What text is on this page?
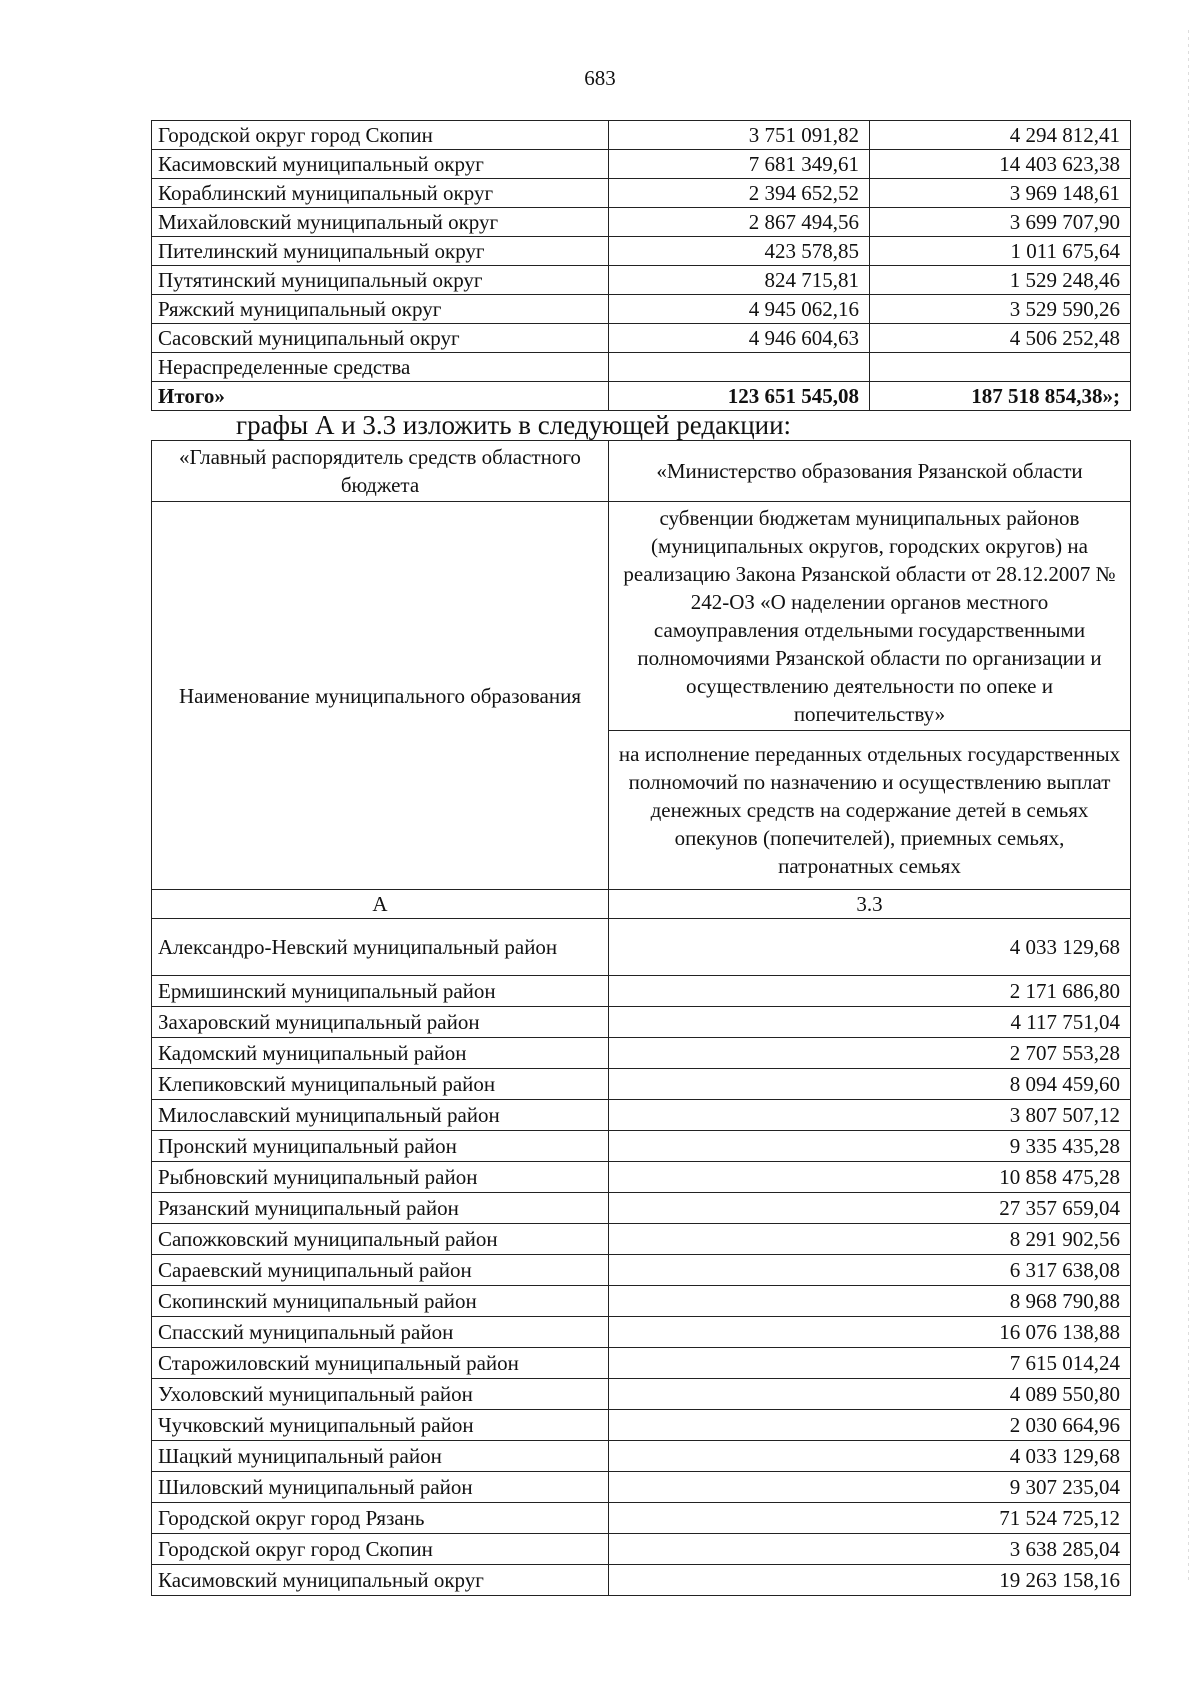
683
Городской округ город Скопин	3 751 091,82	4 294 812,41
Касимовский муниципальный округ	7 681 349,61	14 403 623,38
Кораблинский муниципальный округ	2 394 652,52	3 969 148,61
Михайловский муниципальный округ	2 867 494,56	3 699 707,90
Пителинский муниципальный округ	423 578,85	1 011 675,64
Путятинский муниципальный округ	824 715,81	1 529 248,46
Ряжский муниципальный округ	4 945 062,16	3 529 590,26
Сасовский муниципальный округ	4 946 604,63	4 506 252,48
Нераспределенные средства		
Итого»	123 651 545,08	187 518 854,38»;
графы А и 3.3 изложить в следующей редакции:
«Главный распорядитель средств областного бюджета	«Министерство образования Рязанской области
Наименование муниципального образования	субвенции бюджетам муниципальных районов (муниципальных округов, городских округов) на реализацию Закона Рязанской области от 28.12.2007 № 242-ОЗ «О наделении органов местного самоуправления отдельными государственными полномочиями Рязанской области по организации и осуществлению деятельности по опеке и попечительству»
	на исполнение переданных отдельных государственных полномочий по назначению и осуществлению выплат денежных средств на содержание детей в семьях опекунов (попечителей), приемных семьях, патронатных семьях
А	3.3
Александро-Невский муниципальный район	4 033 129,68
Ермишинский муниципальный район	2 171 686,80
Захаровский муниципальный район	4 117 751,04
Кадомский муниципальный район	2 707 553,28
Клепиковский муниципальный район	8 094 459,60
Милославский муниципальный район	3 807 507,12
Пронский муниципальный район	9 335 435,28
Рыбновский муниципальный район	10 858 475,28
Рязанский муниципальный район	27 357 659,04
Сапожковский муниципальный район	8 291 902,56
Сараевский муниципальный район	6 317 638,08
Скопинский муниципальный район	8 968 790,88
Спасский муниципальный район	16 076 138,88
Старожиловский муниципальный район	7 615 014,24
Ухоловский муниципальный район	4 089 550,80
Чучковский муниципальный район	2 030 664,96
Шацкий муниципальный район	4 033 129,68
Шиловский муниципальный район	9 307 235,04
Городской округ город Рязань	71 524 725,12
Городской округ город Скопин	3 638 285,04
Касимовский муниципальный округ	19 263 158,16
